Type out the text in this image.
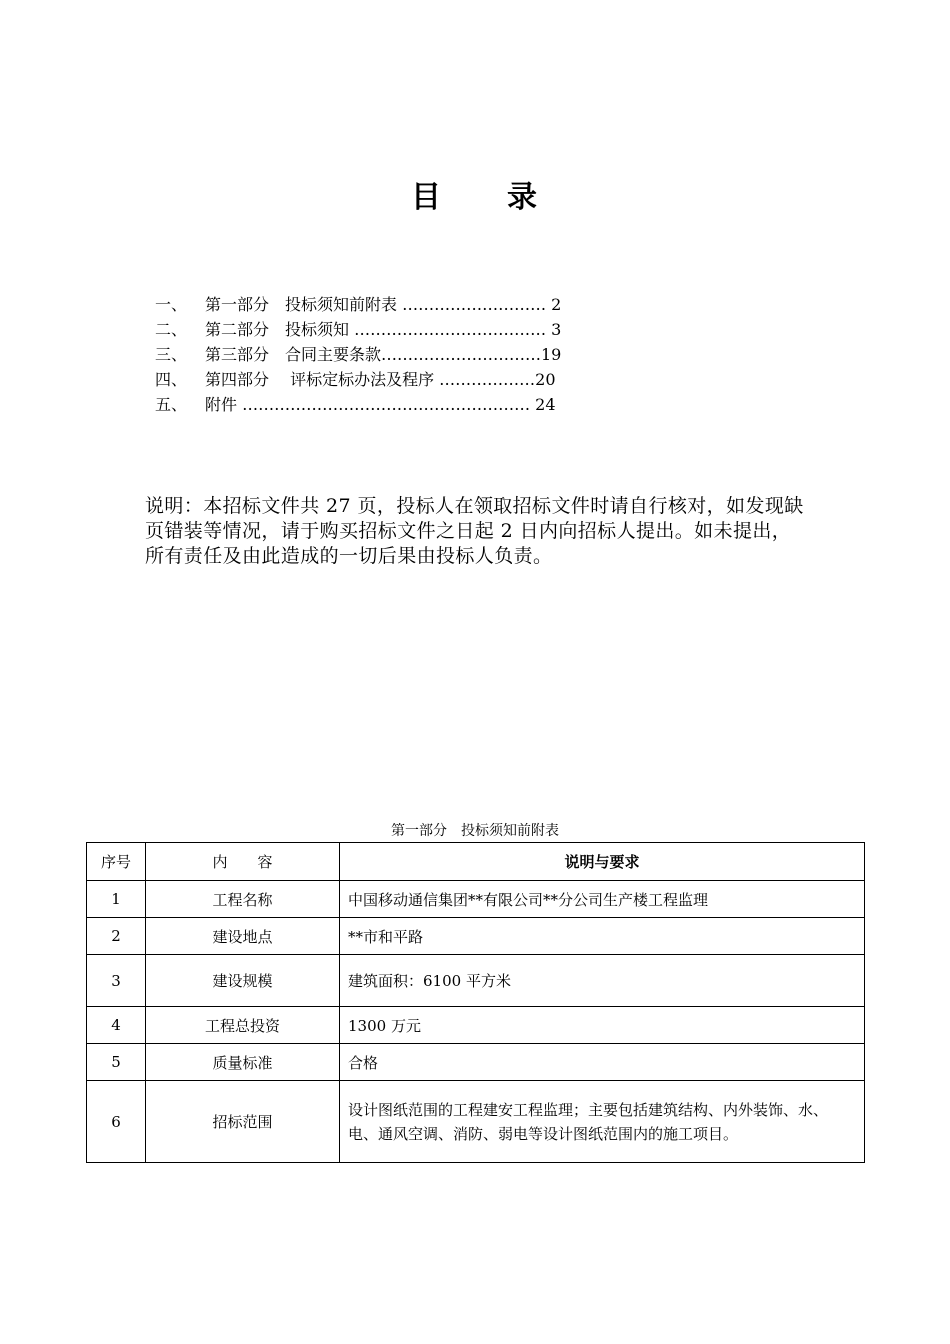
目　　录
一、	第一部分　投标须知前附表 ……………………… 2
二、	第二部分　投标须知 ……………………………… 3
三、	第三部分　合同主要条款…………………………19
四、	第四部分　 评标定标办法及程序 ………………20
五、	附件 ……………………………………………… 24
说明：本招标文件共 27 页，投标人在领取招标文件时请自行核对，如发现缺页错装等情况，请于购买招标文件之日起 2 日内向招标人提出。如未提出，所有责任及由此造成的一切后果由投标人负责。
第一部分　投标须知前附表
序号	内　　容	说明与要求
1	工程名称	中国移动通信集团**有限公司**分公司生产楼工程监理
2	建设地点	**市和平路
3	建设规模	建筑面积：6100 平方米
4	工程总投资	1300 万元
5	质量标准	合格
6	招标范围	设计图纸范围的工程建安工程监理；主要包括建筑结构、内外装饰、水、电、通风空调、消防、弱电等设计图纸范围内的施工项目。
